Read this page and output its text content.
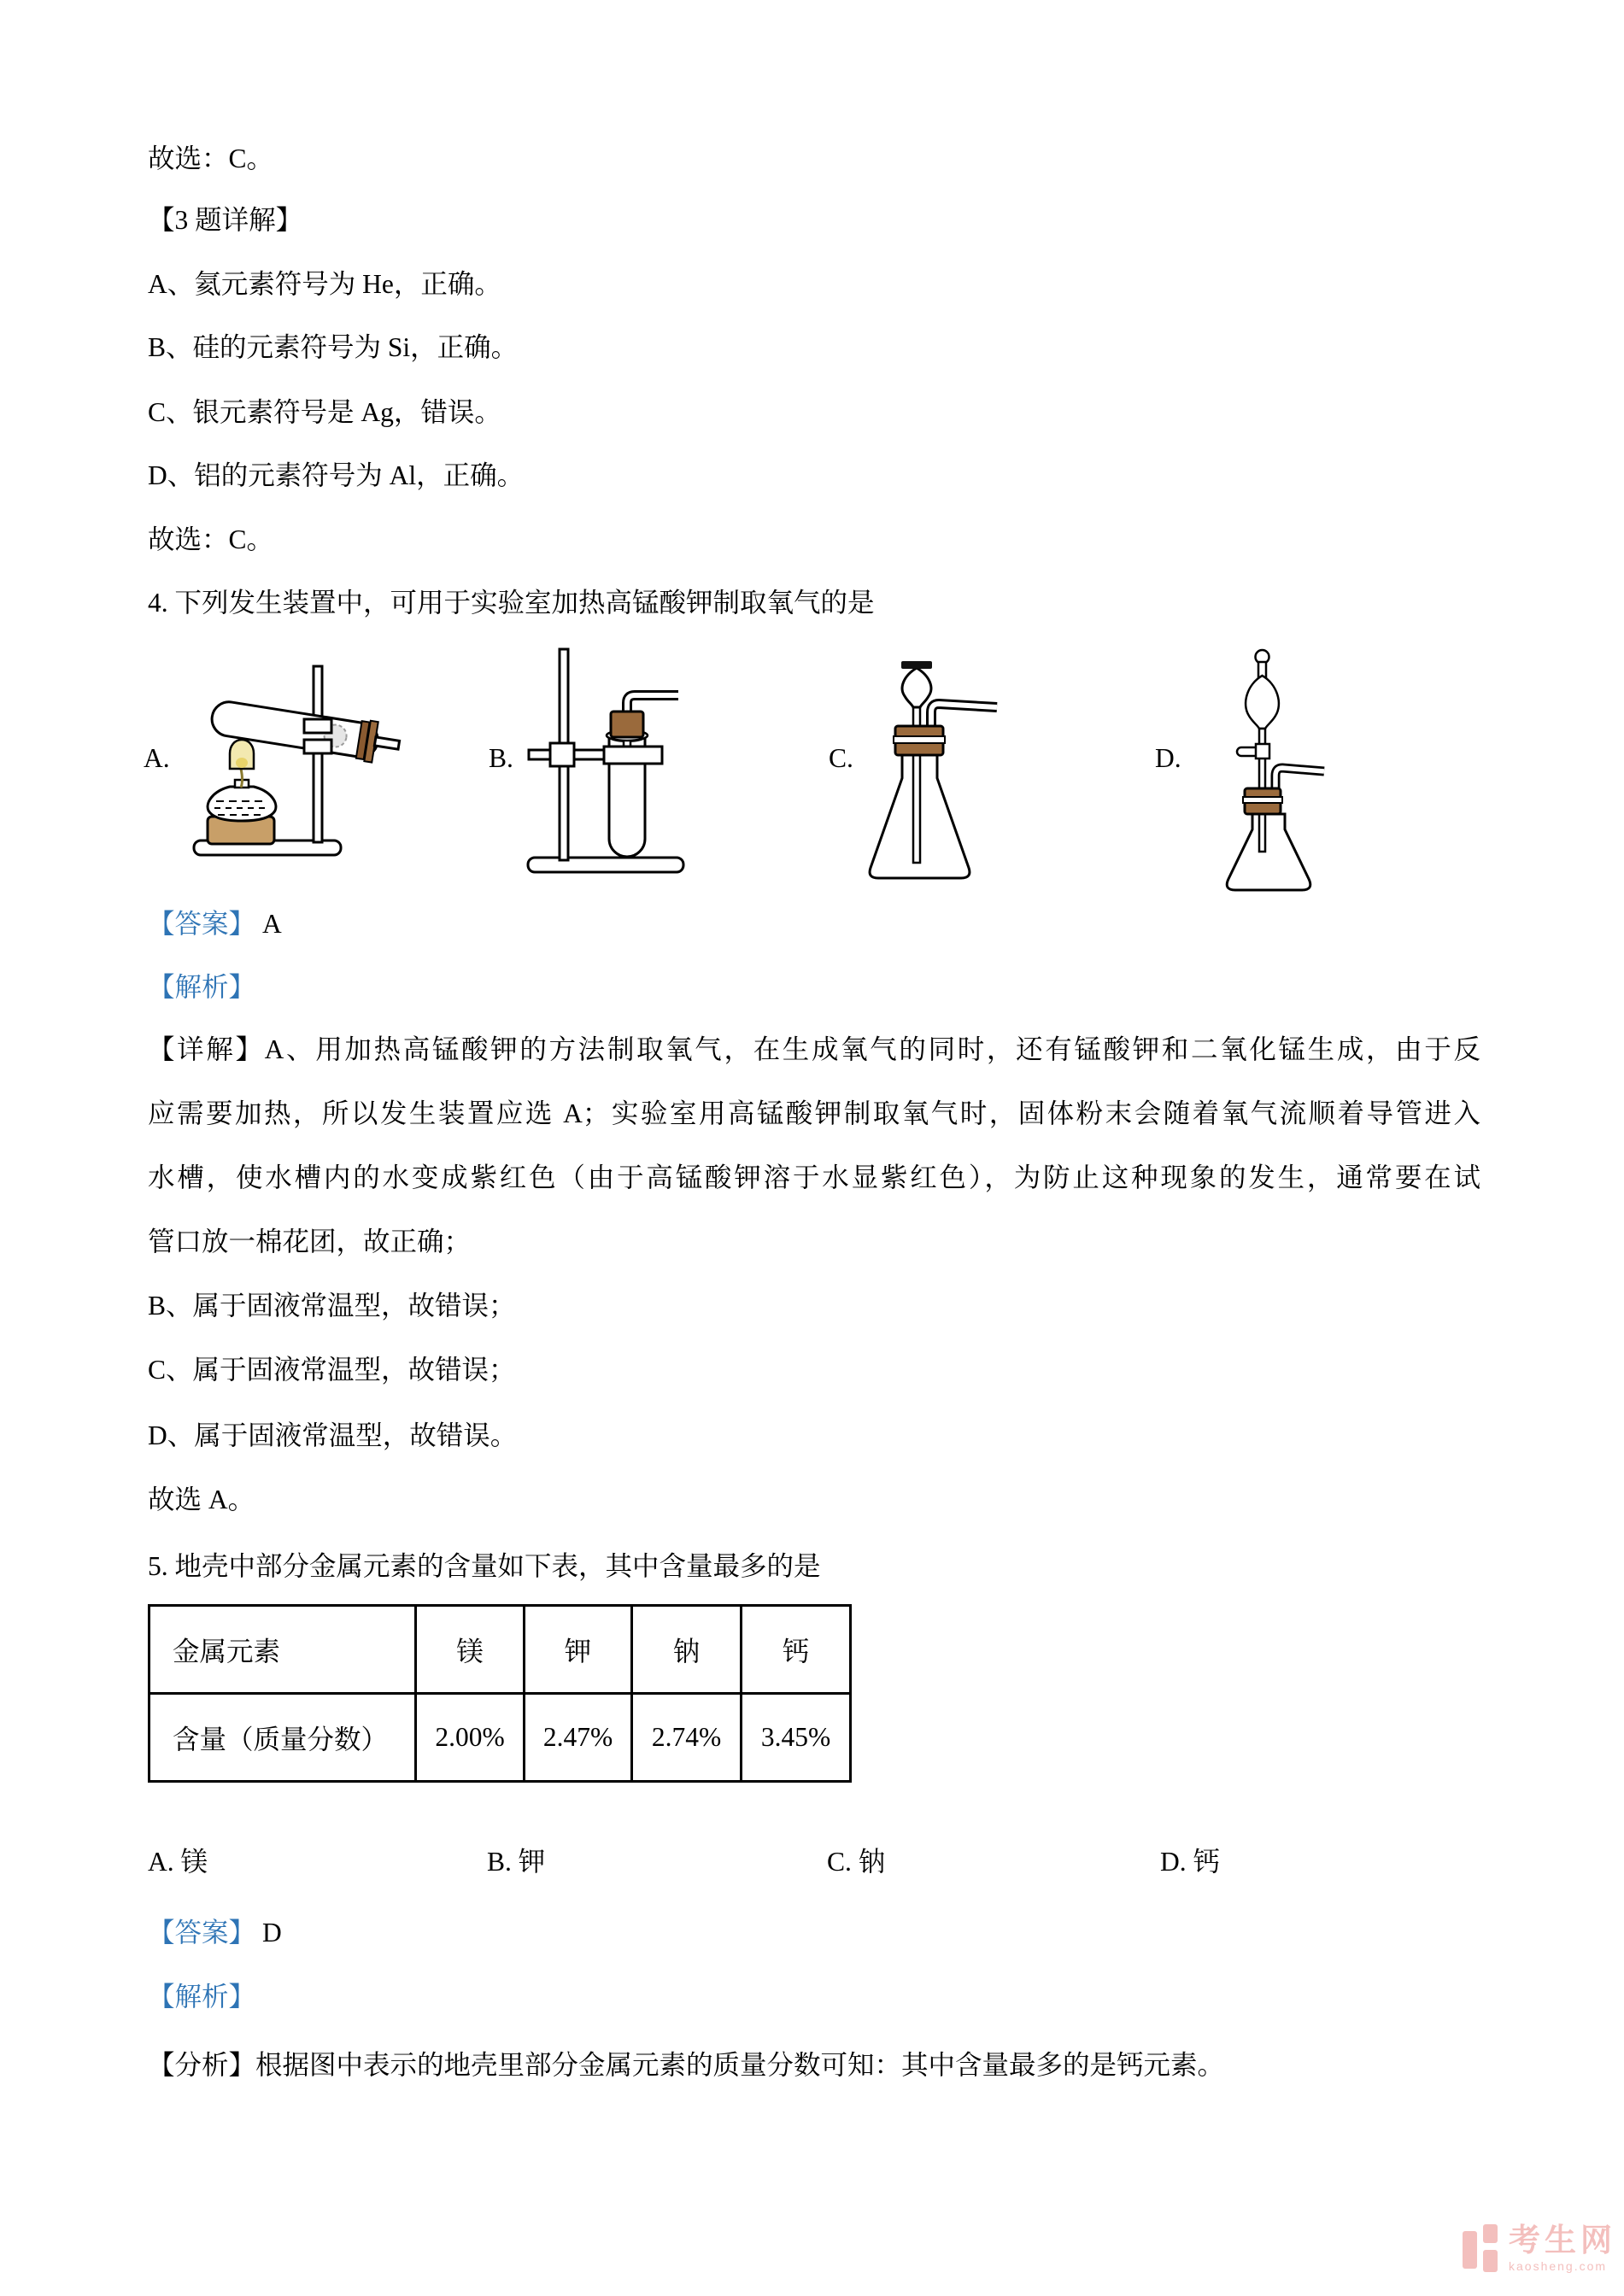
故选：C。
【3 题详解】
A、氦元素符号为 He，正确。
B、硅的元素符号为 Si，正确。
C、银元素符号是 Ag，错误。
D、铝的元素符号为 Al，正确。
故选：C。
4. 下列发生装置中，可用于实验室加热高锰酸钾制取氧气的是
A.	B.	C.	D.
【答案】 A
【解析】
【详解】A、用加热高锰酸钾的方法制取氧气，在生成氧气的同时，还有锰酸钾和二氧化锰生成，由于反
应需要加热，所以发生装置应选 A；实验室用高锰酸钾制取氧气时，固体粉末会随着氧气流顺着导管进入
水槽，使水槽内的水变成紫红色（由于高锰酸钾溶于水显紫红色），为防止这种现象的发生，通常要在试
管口放一棉花团，故正确；
B、属于固液常温型，故错误；
C、属于固液常温型，故错误；
D、属于固液常温型，故错误。
故选 A。
5. 地壳中部分金属元素的含量如下表，其中含量最多的是
金属元素	镁	钾	钠	钙
含量（质量分数）	2.00%	2.47%	2.74%	3.45%
A. 镁	B. 钾	C. 钠	D. 钙
【答案】 D
【解析】
【分析】根据图中表示的地壳里部分金属元素的质量分数可知：其中含量最多的是钙元素。
考生网
kaosheng.com
